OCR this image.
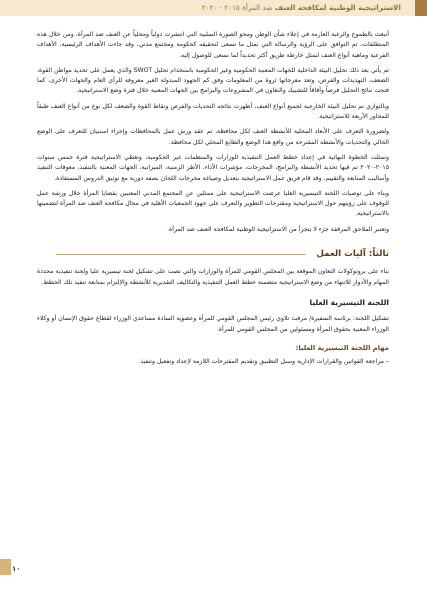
الاستراتيجية الوطنية لمكافحة العنف ضد المرأة ٢٠١٥ - ٢٠٢٠

أنبعث بالطموح والرغبة العارمة في إعلاء شأن الوطن ومحو الصورة السلبية التي انتشرت دولياً ومحلياً عن العنف ضد المرأة، ومن خلال هذه المنطلقات، تم التوافق على الرؤية والرسالة التي تمثل ما نسعى لتحقيقه كحكومة ومجتمع مدني، وقد جاءت الأهداف الرئيسية، الأهداف الفرعية وماهية أنواع العنف لتمثل خارطة طريق أكثر تحديداً لما نسعى للوصول إليه.

ثم يأتي بعد ذلك تحليل البيئة الداخلية للجهات المعنية الحكومية وغير الحكومية باستخدام تحليل SWOT والذي يعمل على تحديد مواطن القوة، الضعف، التهديدات والفرص، وتعد معرجاتها ثروة من المعلومات وفق كم الجهود المبذولة الغير معروفة للرأي العام والجهات الأخرى، كما فتحت نتائج التحليل فرصاً وأفاقاً للتشبيك والتعاون في المشروعات والبرامج بين الجهات المعنية خلال فترة وضع الاستراتيجية.

وبالتوازي تم تحليل البيئة الخارجية لجميع أنواع العنف، أظهرت نتائجه التحديات والفرص ونقاط القوة والضعف لكل نوع من أنواع العنف طبقاً للمحاور الأربعة للاستراتيجية.

ولضرورة التعرف على الأبعاد المحلية للأنشطة العنف لكل محافظة، تم عقد ورش عمل بالمحافظات وإجراء استبيان للتعرف على الوضع الحالي والتحديات والأنشطة المقترحة من واقع هذا الوضع والطابع المحلي لكل محافظة.

وتمثلت الخطوة النهائية في إعداد خطط العمل التنفيذية للوزارات والمنظمات غير الحكومية، وتغطي الاستراتيجية فترة خمس سنوات ٢٠١٥-٢٠٢٠ تم فيها تحديد الأنشطة والبرامج، المخرجات، مؤشرات الأداء، الأطر الزمنية، الميزانية، الجهات المعنية بالتنفيذ، معوقات التنفيذ وأساليب المتابعة والتقييم، وقد قام فريق عمل الاستراتيجية بتعديل وصياغة مخرجات اللجان بصفة دورية مع توثيق الدروس المستفادة.

وبناء على توصيات اللجنة التيسيرية العليا عرضت الاستراتيجية على ممثلين عن المجتمع المدني المعنيين بقضايا المرأة خلال ورشة عمل للوقوف على رؤيتهم حول الاستراتيجية ومقترحات التطوير والتعرف على جهود الجمعيات الأهلية في مجال مكافحة العنف ضد المرأة لتضمينها بالاستراتيجية.

وتعتبر الملاحق المرفقة جزء لا يتجزأ من الاستراتيجية الوطنية لمكافحة العنف ضد المرأة.

ثالثاً: آليات العمل

بناء على بروتوكولات التعاون الموقعة بين المجلس القومي للمرأة والوزارات والتي نصت على تشكيل لجنة تيسيرية عليا ولجنة تنفيذية محددة المهام والأدوار للانتهاء من وضع الاستراتيجية متضمنة خطط العمل التنفيذية والتكاليف التقديرية للأنشطة والإلتزام بمتابعة تنفيذ تلك الخطط.

اللجنة التيسيرية العليا

تشكيل اللجنة: برئاسة السفيرة/ مرفت تلاوي رئيس المجلس القومي للمرأة وعضوية السادة مساعدي الوزراء لقطاع حقوق الإنسان أو وكلاء الوزراء المعنية بحقوق المرأة ومسئولين من المجلس القومي للمرأة.

مهام اللجنة التيسيرية العليا:

– مراجعة القوانين والقرارات الإدارية وسبل التطبيق وتقديم المقترحات اللازمة لإعداد وتفعيل وتنفيذ

١٠
